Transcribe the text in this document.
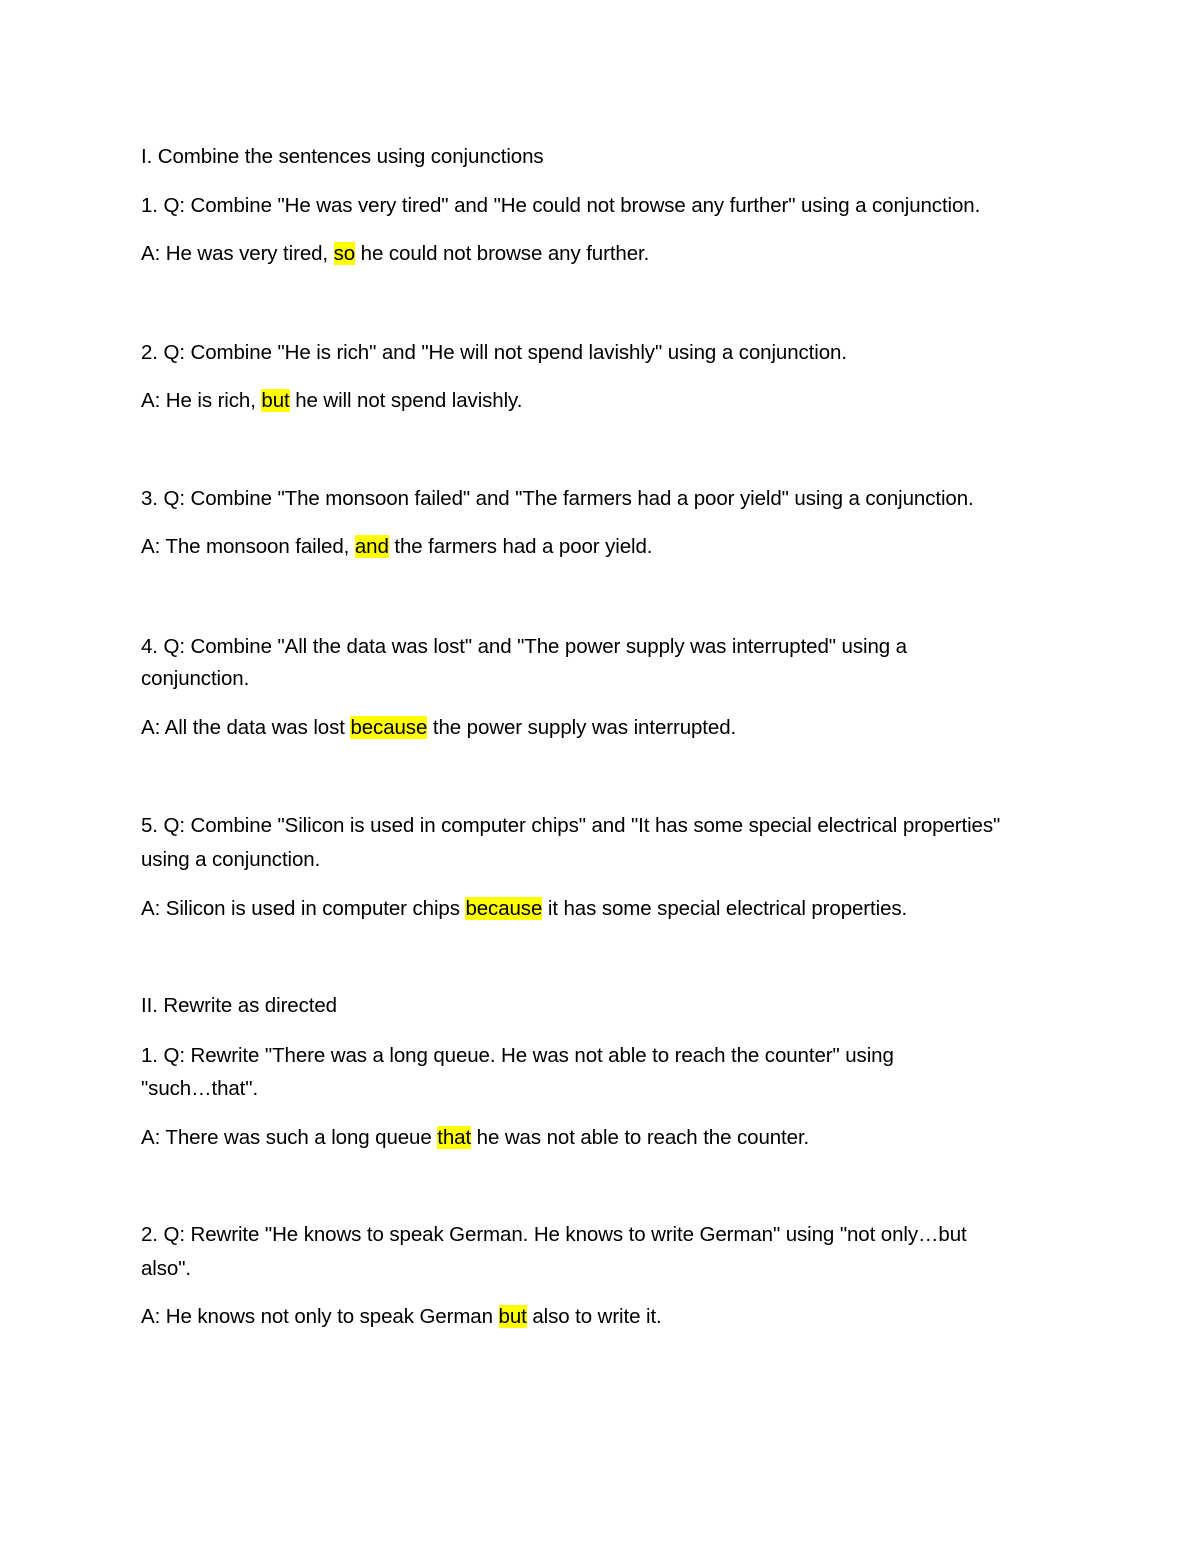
I. Combine the sentences using conjunctions
1. Q: Combine "He was very tired" and "He could not browse any further" using a conjunction.
A: He was very tired, so he could not browse any further.
2. Q: Combine "He is rich" and "He will not spend lavishly" using a conjunction.
A: He is rich, but he will not spend lavishly.
3. Q: Combine "The monsoon failed" and "The farmers had a poor yield" using a conjunction.
A: The monsoon failed, and the farmers had a poor yield.
4. Q: Combine "All the data was lost" and "The power supply was interrupted" using a
conjunction.
A: All the data was lost because the power supply was interrupted.
5. Q: Combine "Silicon is used in computer chips" and "It has some special electrical properties"
using a conjunction.
A: Silicon is used in computer chips because it has some special electrical properties.
II. Rewrite as directed
1. Q: Rewrite "There was a long queue. He was not able to reach the counter" using
"such…that".
A: There was such a long queue that he was not able to reach the counter.
2. Q: Rewrite "He knows to speak German. He knows to write German" using "not only…but
also".
A: He knows not only to speak German but also to write it.
